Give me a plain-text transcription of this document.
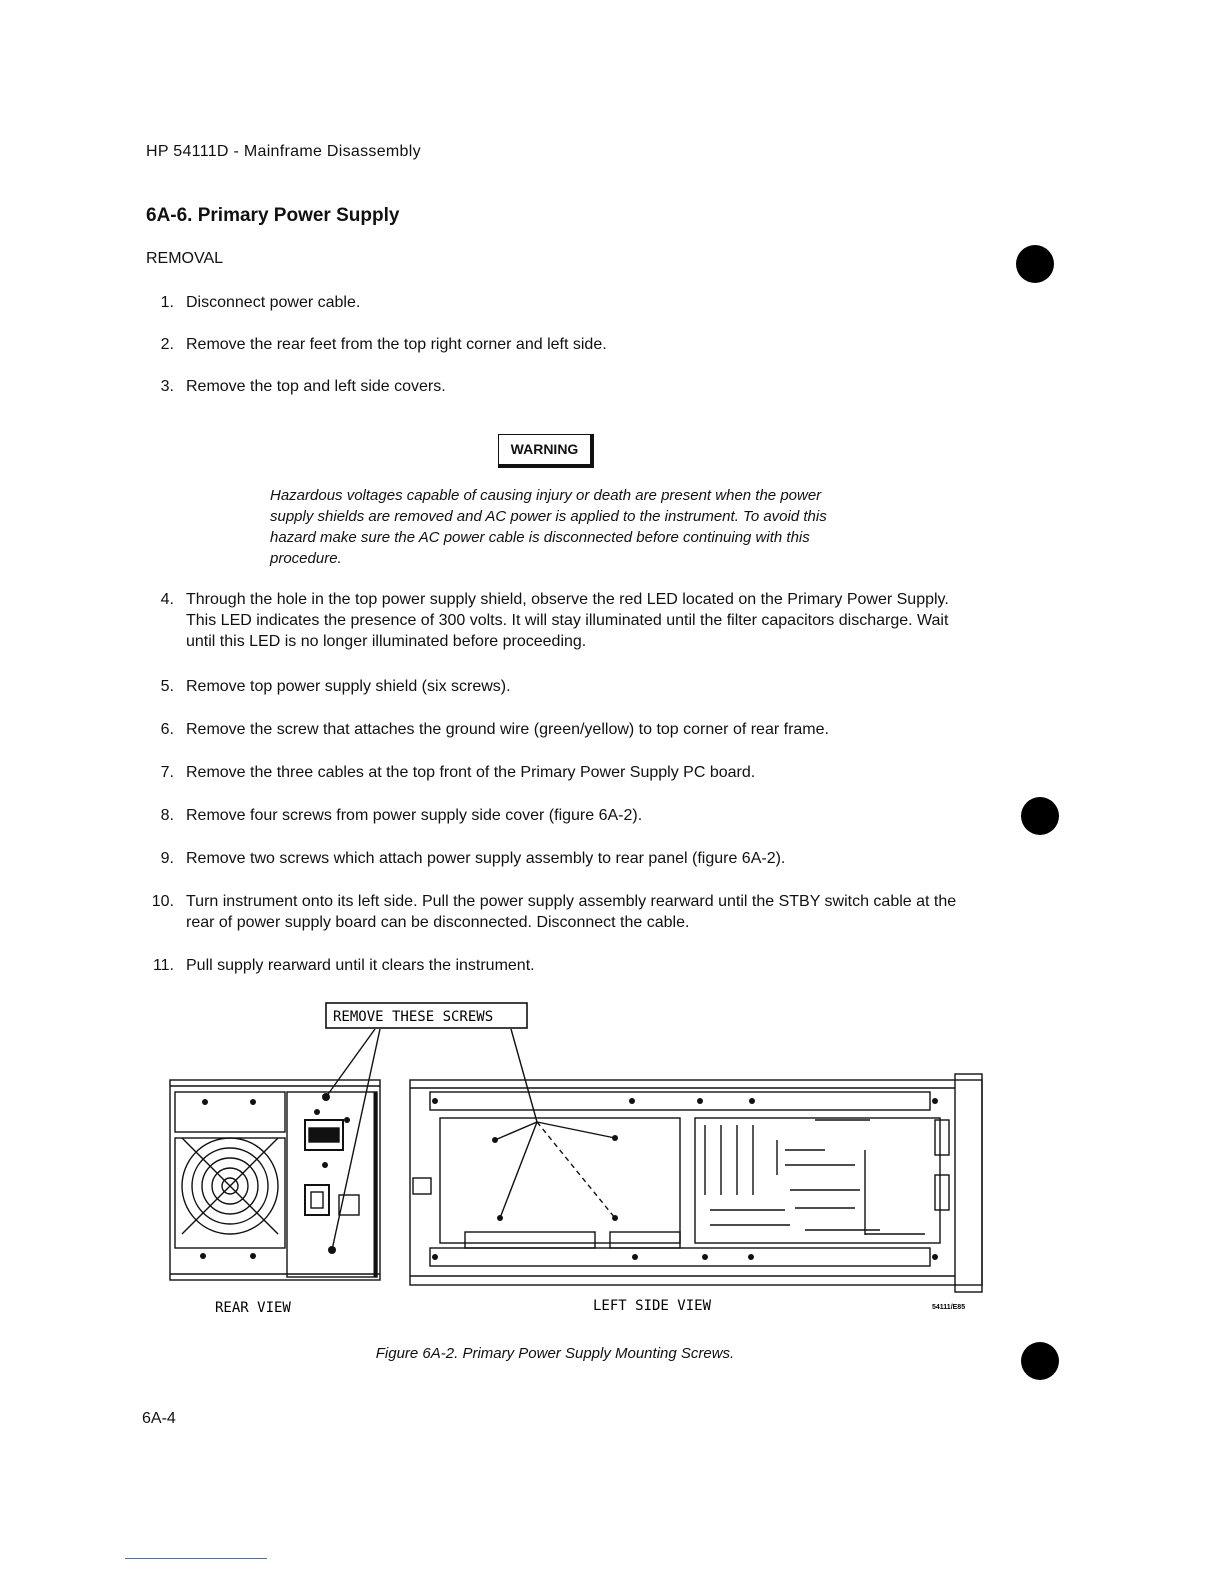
HP 54111D - Mainframe Disassembly
6A-6. Primary Power Supply
REMOVAL
1. Disconnect power cable.
2. Remove the rear feet from the top right corner and left side.
3. Remove the top and left side covers.
WARNING
Hazardous voltages capable of causing injury or death are present when the power supply shields are removed and AC power is applied to the instrument. To avoid this hazard make sure the AC power cable is disconnected before continuing with this procedure.
4. Through the hole in the top power supply shield, observe the red LED located on the Primary Power Supply. This LED indicates the presence of 300 volts. It will stay illuminated until the filter capacitors discharge. Wait until this LED is no longer illuminated before proceeding.
5. Remove top power supply shield (six screws).
6. Remove the screw that attaches the ground wire (green/yellow) to top corner of rear frame.
7. Remove the three cables at the top front of the Primary Power Supply PC board.
8. Remove four screws from power supply side cover (figure 6A-2).
9. Remove two screws which attach power supply assembly to rear panel (figure 6A-2).
10. Turn instrument onto its left side. Pull the power supply assembly rearward until the STBY switch cable at the rear of power supply board can be disconnected. Disconnect the cable.
11. Pull supply rearward until it clears the instrument.
REMOVE THESE SCREWS
REAR VIEW	LEFT SIDE VIEW	54111/E85
Figure 6A-2. Primary Power Supply Mounting Screws.
6A-4
